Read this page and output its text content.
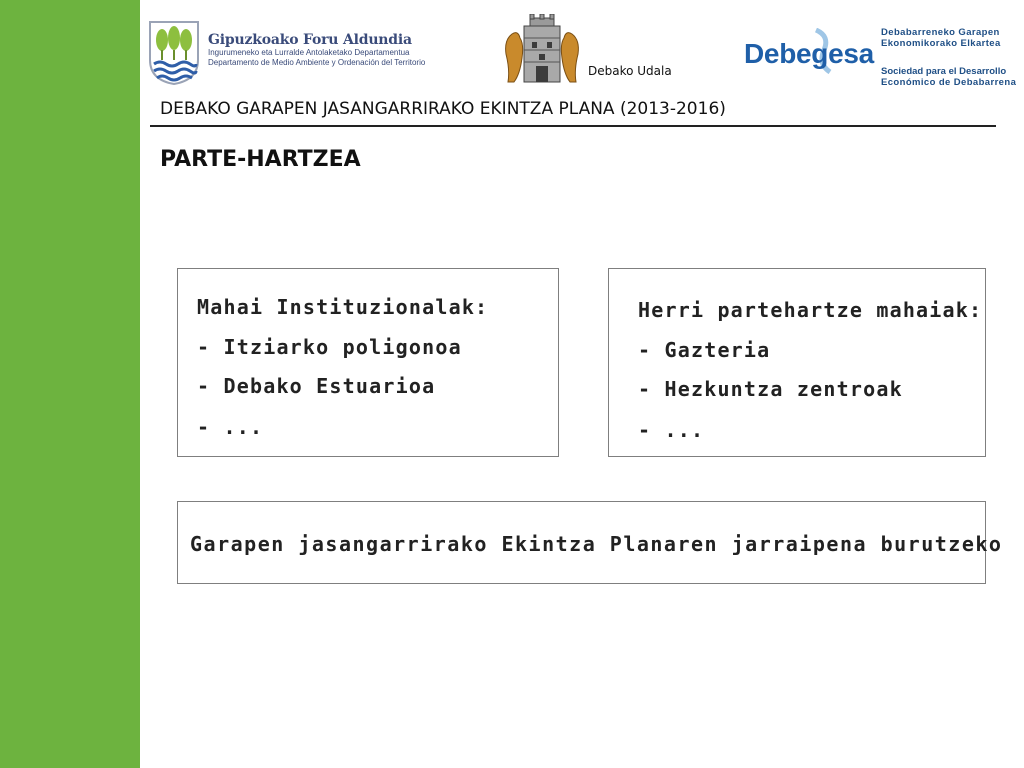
Gipuzkoako Foru Aldundia
Ingurumeneko eta Lurralde Antolaketako Departamentua
Departamento de Medio Ambiente y Ordenación del Territorio
Debako Udala
Debegesa
Debabarreneko Garapen
Ekonomikorako Elkartea
Sociedad para el Desarrollo
Económico de Debabarrena
DEBAKO GARAPEN JASANGARRIRAKO EKINTZA PLANA (2013-2016)
PARTE-HARTZEA
Mahai Instituzionalak:
- Itziarko poligonoa
- Debako Estuarioa
- ...
Herri partehartze mahaiak:
- Gazteria
- Hezkuntza zentroak
- ...
Garapen jasangarrirako Ekintza Planaren jarraipena burutzeko
